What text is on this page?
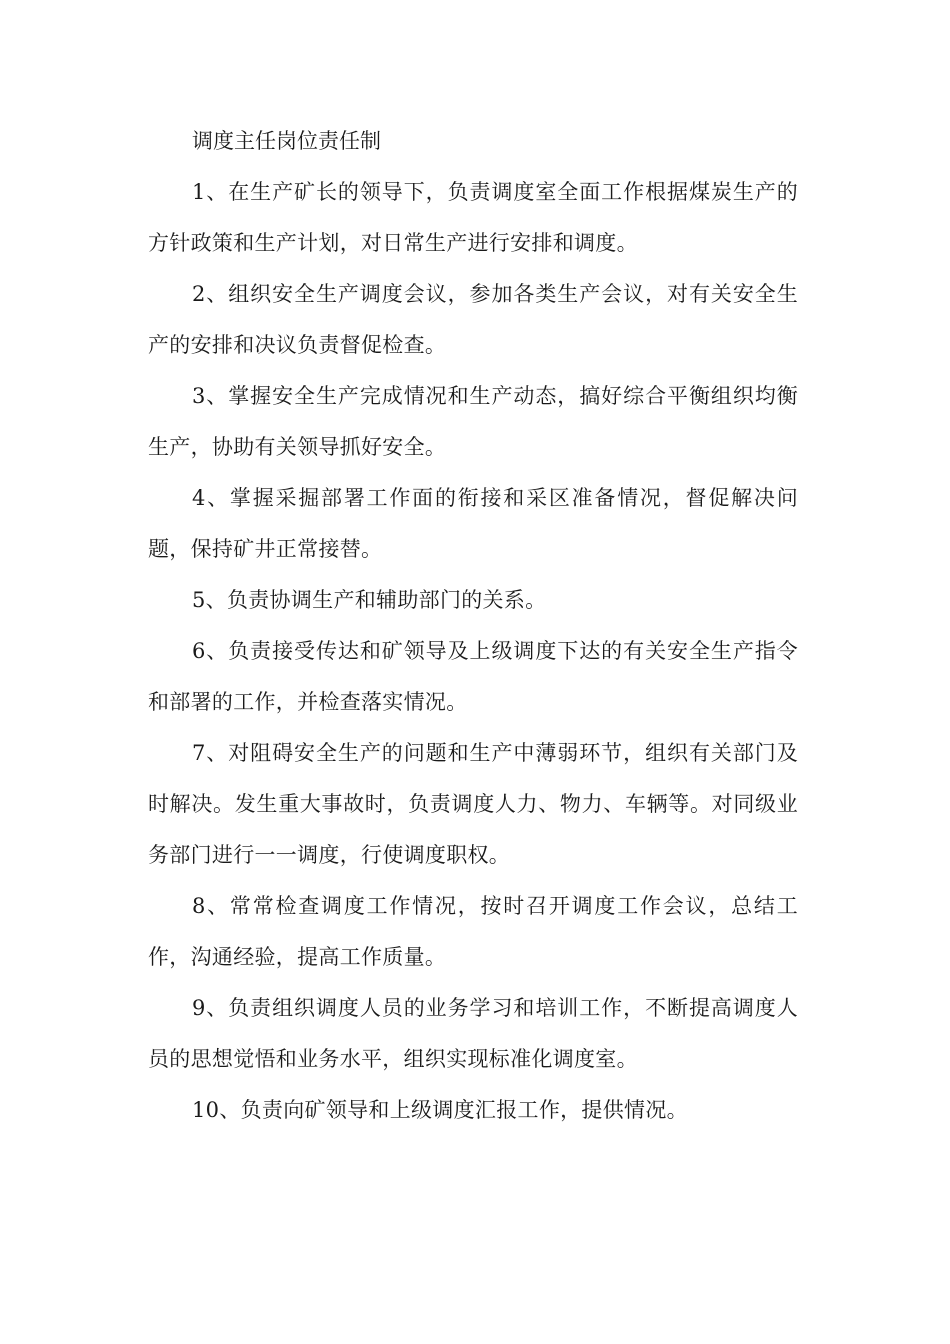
调度主任岗位责任制

1、在生产矿长的领导下，负责调度室全面工作根据煤炭生产的方针政策和生产计划，对日常生产进行安排和调度。

2、组织安全生产调度会议，参加各类生产会议，对有关安全生产的安排和决议负责督促检查。

3、掌握安全生产完成情况和生产动态，搞好综合平衡组织均衡生产，协助有关领导抓好安全。

4、掌握采掘部署工作面的衔接和采区准备情况，督促解决问题，保持矿井正常接替。

5、负责协调生产和辅助部门的关系。

6、负责接受传达和矿领导及上级调度下达的有关安全生产指令和部署的工作，并检查落实情况。

7、对阻碍安全生产的问题和生产中薄弱环节，组织有关部门及时解决。发生重大事故时，负责调度人力、物力、车辆等。对同级业务部门进行一一调度，行使调度职权。

8、常常检查调度工作情况，按时召开调度工作会议，总结工作，沟通经验，提高工作质量。

9、负责组织调度人员的业务学习和培训工作，不断提高调度人员的思想觉悟和业务水平，组织实现标准化调度室。

10、负责向矿领导和上级调度汇报工作，提供情况。
